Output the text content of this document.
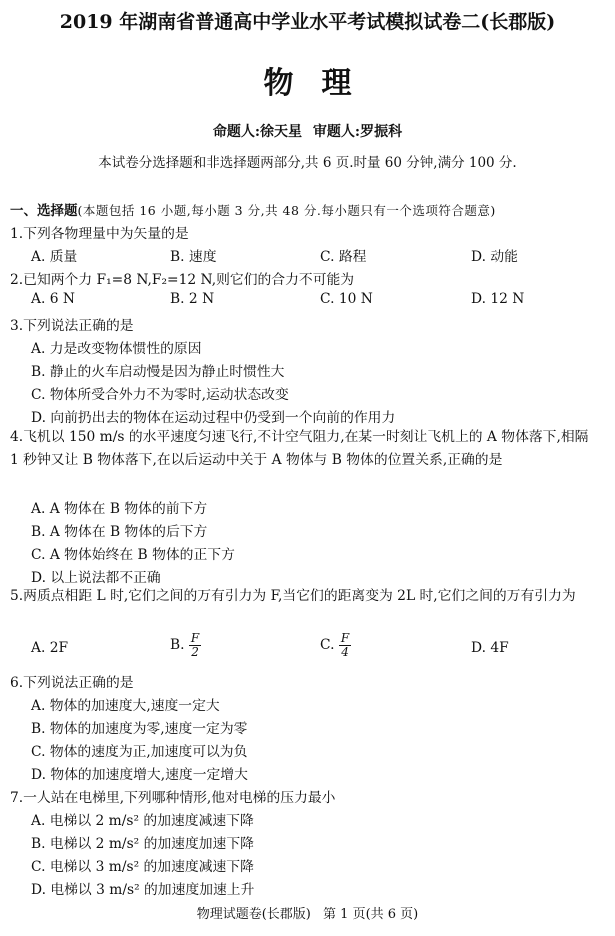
2019 年湖南省普通高中学业水平考试模拟试卷二(长郡版)
物理
命题人:徐天星 审题人:罗振科
本试卷分选择题和非选择题两部分,共 6 页.时量 60 分钟,满分 100 分.
一、选择题(本题包括 16 小题,每小题 3 分,共 48 分.每小题只有一个选项符合题意)
1.下列各物理量中为矢量的是
A. 质量	B. 速度	C. 路程	D. 动能
2.已知两个力 F₁=8 N,F₂=12 N,则它们的合力不可能为
A. 6 N	B. 2 N	C. 10 N	D. 12 N
3.下列说法正确的是
A. 力是改变物体惯性的原因
B. 静止的火车启动慢是因为静止时惯性大
C. 物体所受合外力不为零时,运动状态改变
D. 向前扔出去的物体在运动过程中仍受到一个向前的作用力
4.飞机以 150 m/s 的水平速度匀速飞行,不计空气阻力,在某一时刻让飞机上的 A 物体落下,相隔 1 秒钟又让 B 物体落下,在以后运动中关于 A 物体与 B 物体的位置关系,正确的是
A. A 物体在 B 物体的前下方
B. A 物体在 B 物体的后下方
C. A 物体始终在 B 物体的正下方
D. 以上说法都不正确
5.两质点相距 L 时,它们之间的万有引力为 F,当它们的距离变为 2L 时,它们之间的万有引力为
A. 2F	B. $\frac{F}{2}$	C. $\frac{F}{4}$	D. 4F
6.下列说法正确的是
A. 物体的加速度大,速度一定大
B. 物体的加速度为零,速度一定为零
C. 物体的速度为正,加速度可以为负
D. 物体的加速度增大,速度一定增大
7.一人站在电梯里,下列哪种情形,他对电梯的压力最小
A. 电梯以 2 m/s² 的加速度减速下降
B. 电梯以 2 m/s² 的加速度加速下降
C. 电梯以 3 m/s² 的加速度减速下降
D. 电梯以 3 m/s² 的加速度加速上升
物理试题卷(长郡版) 第 1 页(共 6 页)
